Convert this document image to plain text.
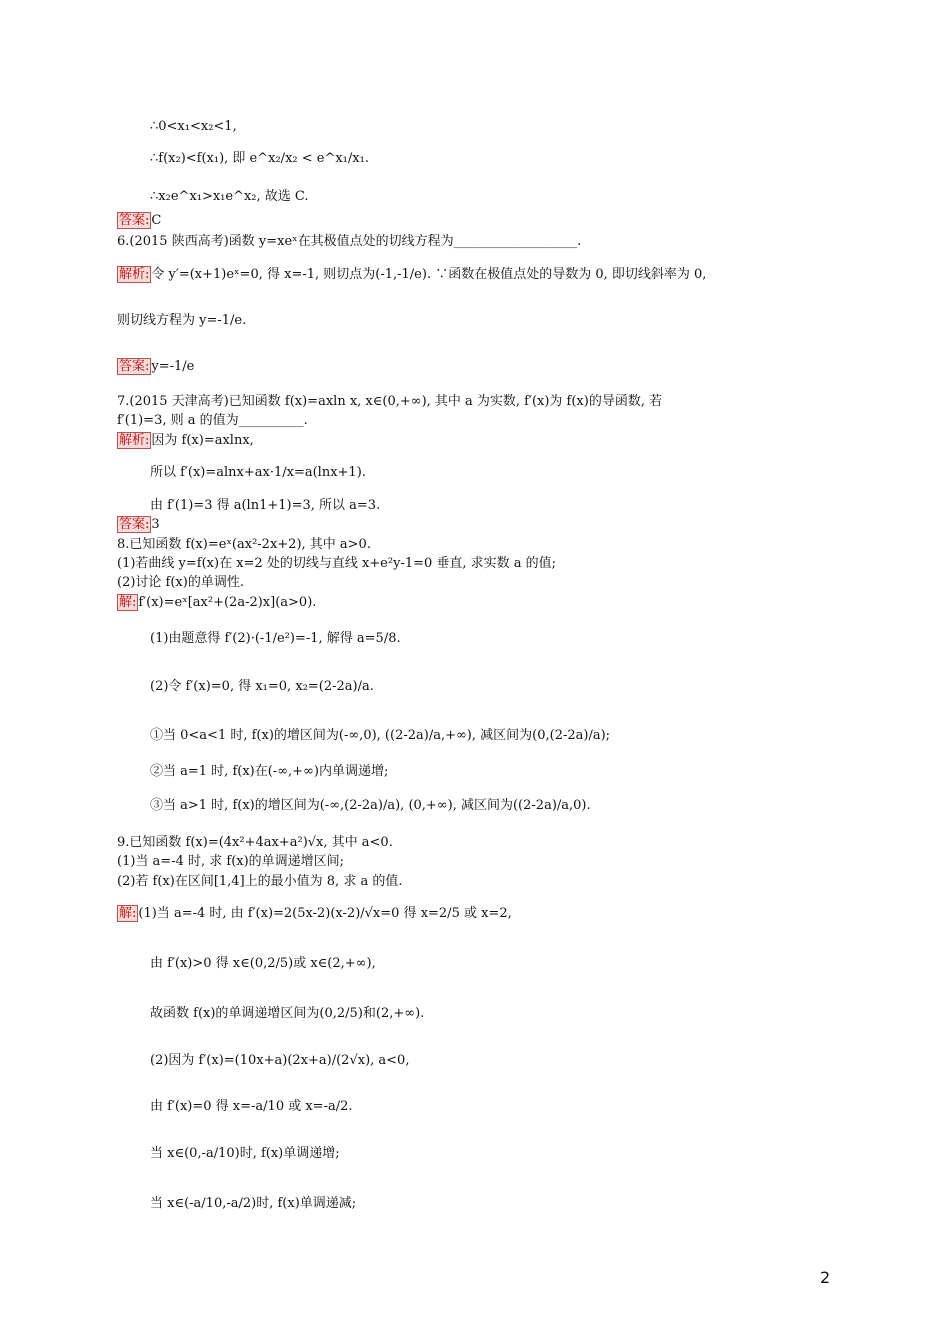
∴0<x₁<x₂<1,
∴f(x₂)<f(x₁), 即 e^x₂/x₂ < e^x₁/x₁.
∴x₂e^x₁>x₁e^x₂, 故选 C.
答案: C
6.(2015 陕西高考)函数 y=xeˣ在其极值点处的切线方程为___________________.
解析: 令 y′=(x+1)eˣ=0, 得 x=-1, 则切点为(-1,-1/e). ∵函数在极值点处的导数为 0, 即切线斜率为 0,
则切线方程为 y=-1/e.
答案: y=-1/e
7.(2015 天津高考)已知函数 f(x)=axln x, x∈(0,+∞), 其中 a 为实数, f′(x)为 f(x)的导函数, 若
f′(1)=3, 则 a 的值为__________.
解析: 因为 f(x)=axlnx,
所以 f′(x)=alnx+ax·1/x=a(lnx+1).
由 f′(1)=3 得 a(ln1+1)=3, 所以 a=3.
答案: 3
8.已知函数 f(x)=eˣ(ax²-2x+2), 其中 a>0.
(1)若曲线 y=f(x)在 x=2 处的切线与直线 x+e²y-1=0 垂直, 求实数 a 的值;
(2)讨论 f(x)的单调性.
解: f′(x)=eˣ[ax²+(2a-2)x](a>0).
(1)由题意得 f′(2)·(-1/e²)=-1, 解得 a=5/8.
(2)令 f′(x)=0, 得 x₁=0, x₂=(2-2a)/a.
①当 0<a<1 时, f(x)的增区间为(-∞,0), ((2-2a)/a,+∞), 减区间为(0,(2-2a)/a);
②当 a=1 时, f(x)在(-∞,+∞)内单调递增;
③当 a>1 时, f(x)的增区间为(-∞,(2-2a)/a), (0,+∞), 减区间为((2-2a)/a,0).
9.已知函数 f(x)=(4x²+4ax+a²)√x, 其中 a<0.
(1)当 a=-4 时, 求 f(x)的单调递增区间;
(2)若 f(x)在区间[1,4]上的最小值为 8, 求 a 的值.
解: (1)当 a=-4 时, 由 f′(x)=2(5x-2)(x-2)/√x=0 得 x=2/5 或 x=2,
由 f′(x)>0 得 x∈(0,2/5)或 x∈(2,+∞),
故函数 f(x)的单调递增区间为(0,2/5)和(2,+∞).
(2)因为 f′(x)=(10x+a)(2x+a)/(2√x), a<0,
由 f′(x)=0 得 x=-a/10 或 x=-a/2.
当 x∈(0,-a/10)时, f(x)单调递增;
当 x∈(-a/10,-a/2)时, f(x)单调递减;
2
